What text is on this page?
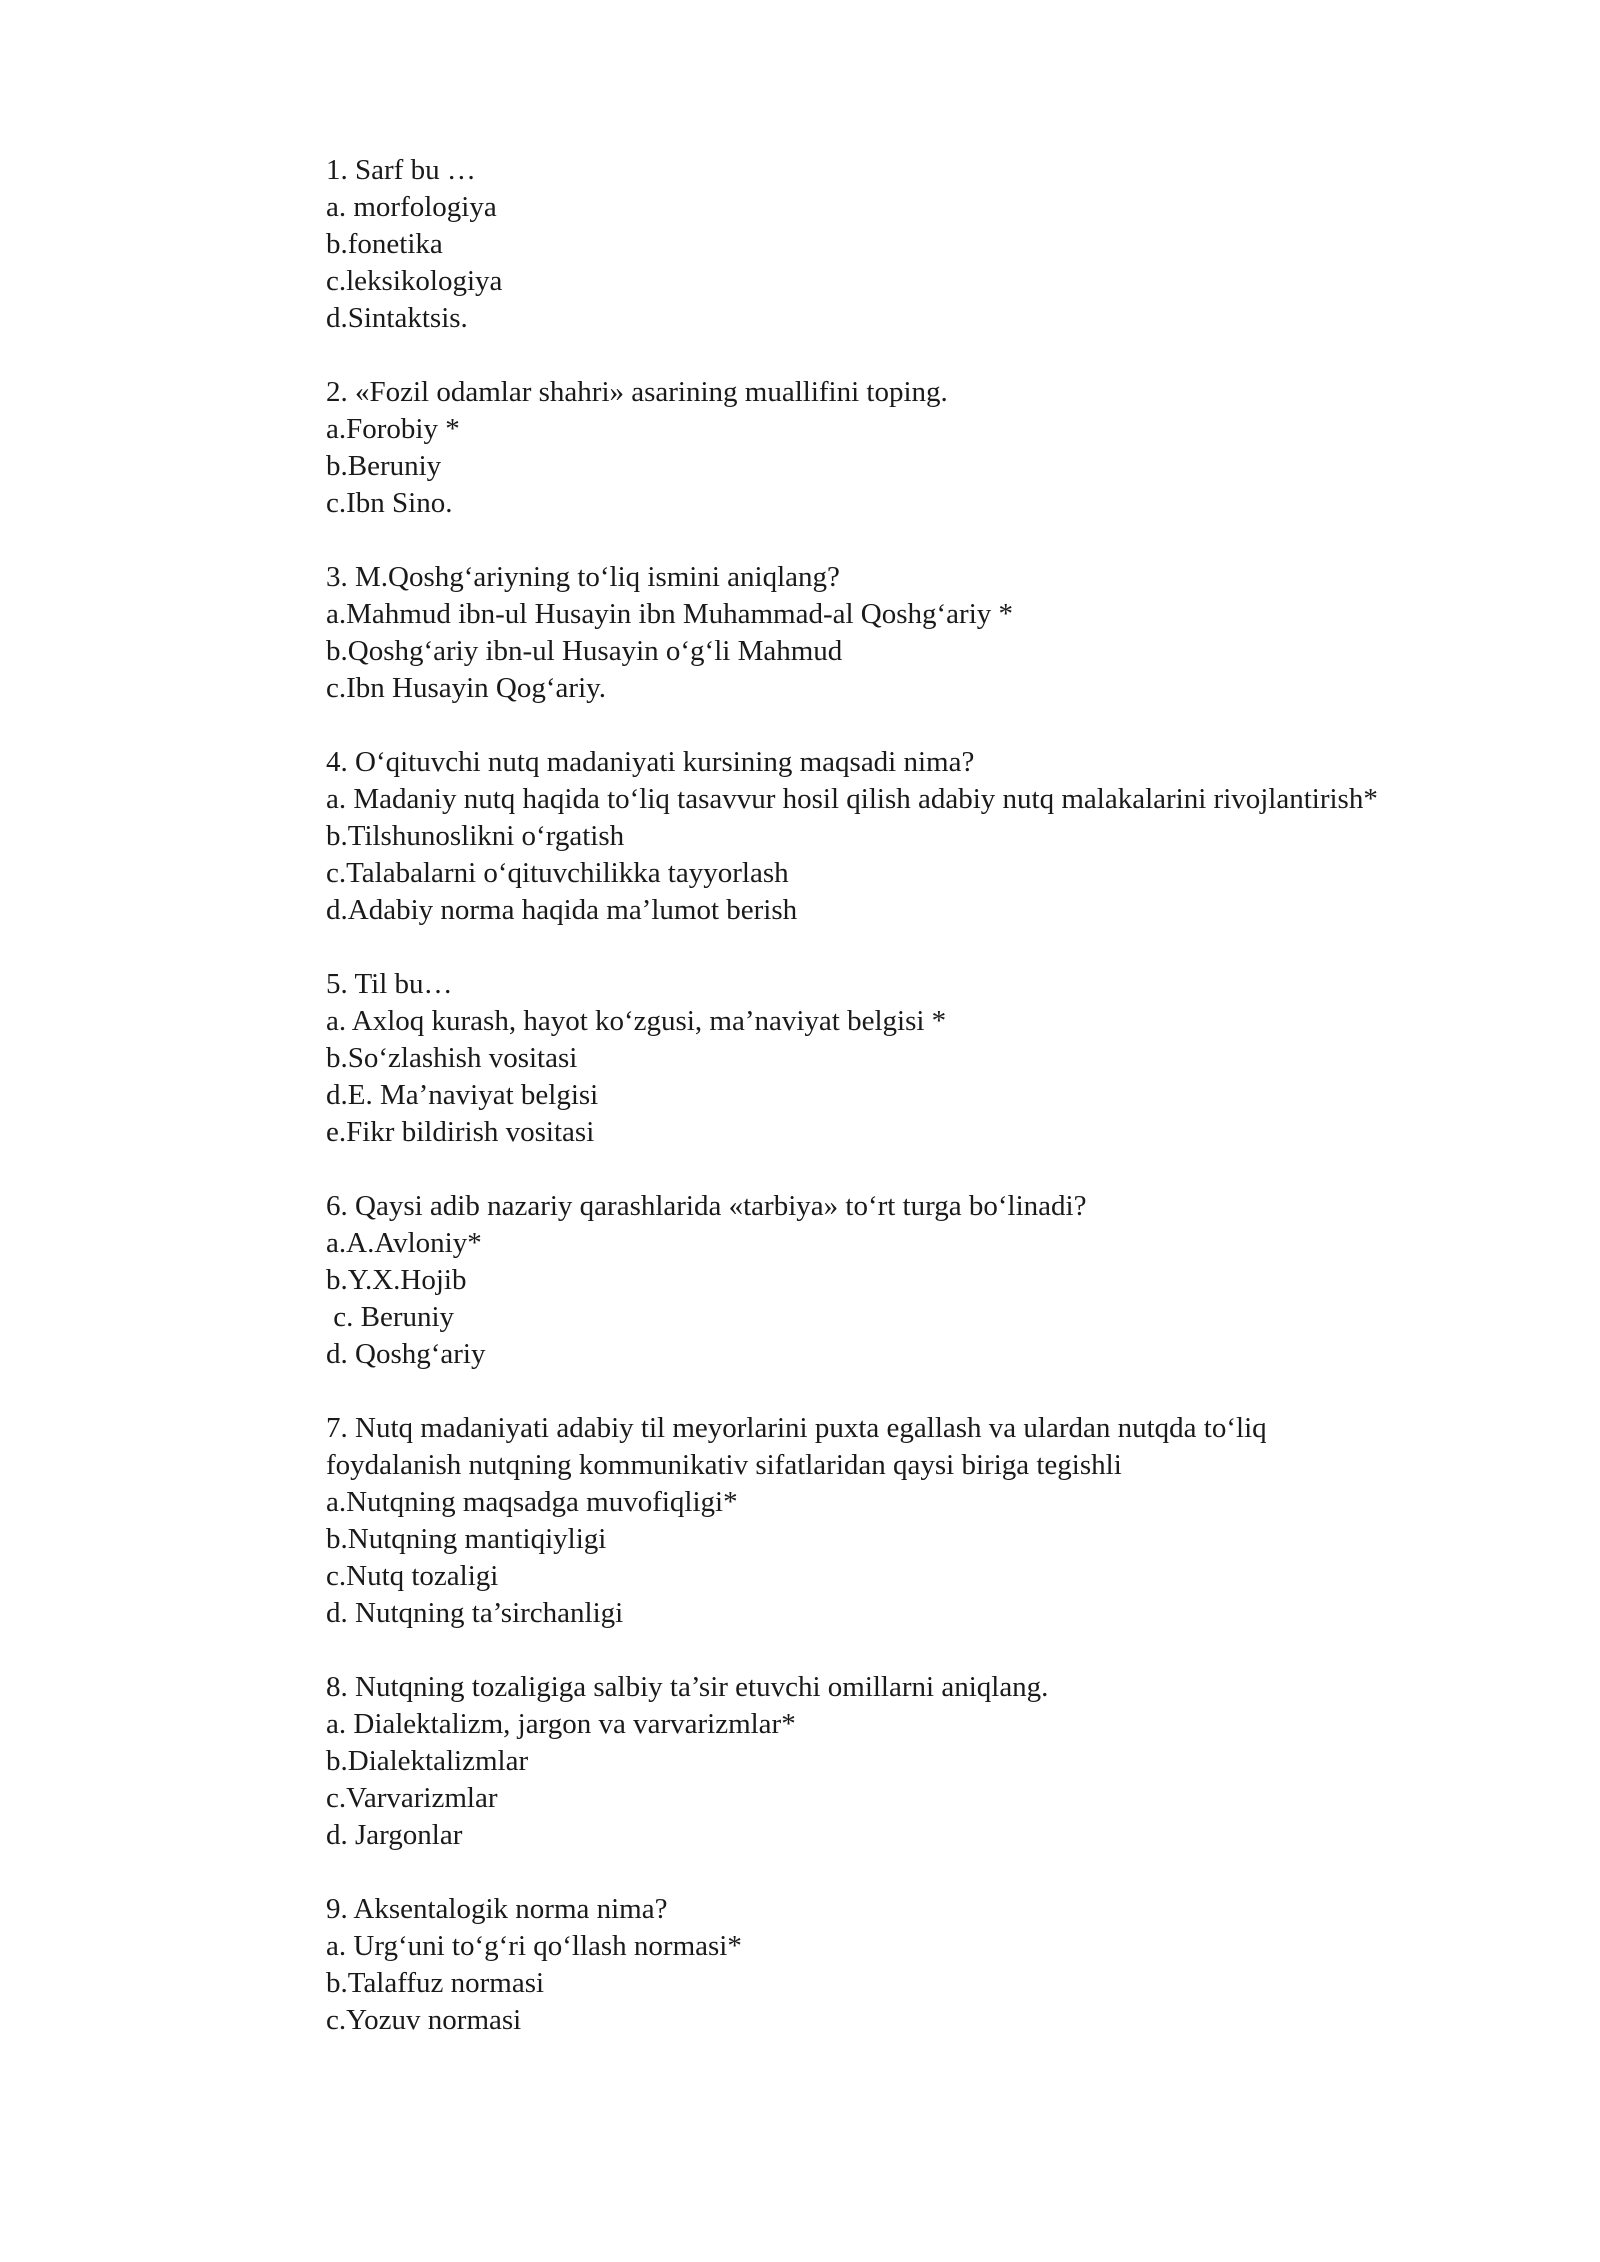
1. Sarf bu …

a. morfologiya

b.fonetika

c.leksikologiya

d.Sintaktsis.

2. «Fozil odamlar shahri» asarining muallifini toping.

a.Forobiy *

b.Beruniy

c.Ibn Sino.

3. M.Qoshg‘ariyning to‘liq ismini aniqlang?

a.Mahmud ibn-ul Husayin ibn Muhammad-al Qoshg‘ariy *

b.Qoshg‘ariy ibn-ul Husayin o‘g‘li Mahmud

c.Ibn Husayin Qog‘ariy.

4. O‘qituvchi nutq madaniyati kursining maqsadi nima?

a. Madaniy nutq haqida to‘liq tasavvur hosil qilish adabiy nutq malakalarini rivojlantirish*

b.Tilshunoslikni o‘rgatish

c.Talabalarni o‘qituvchilikka tayyorlash

d.Adabiy norma haqida ma’lumot berish

5. Til bu…

a. Axloq kurash, hayot ko‘zgusi, ma’naviyat belgisi *

b.So‘zlashish vositasi

d.E. Ma’naviyat belgisi

e.Fikr bildirish vositasi

6. Qaysi adib nazariy qarashlarida «tarbiya» to‘rt turga bo‘linadi?

a.A.Avloniy*

b.Y.X.Hojib

c. Beruniy

d. Qoshg‘ariy

7. Nutq madaniyati adabiy til meyorlarini puxta egallash va ulardan nutqda to‘liq foydalanish nutqning kommunikativ sifatlaridan qaysi biriga tegishli

a.Nutqning maqsadga muvofiqligi*

b.Nutqning mantiqiyligi

c.Nutq tozaligi

d. Nutqning ta’sirchanligi

8. Nutqning tozaligiga salbiy ta’sir etuvchi omillarni aniqlang.

a. Dialektalizm, jargon va varvarizmlar*

b.Dialektalizmlar

c.Varvarizmlar

d. Jargonlar

9. Aksentalogik norma nima?

a. Urg‘uni to‘g‘ri qo‘llash normasi*

b.Talaffuz normasi

c.Yozuv normasi
